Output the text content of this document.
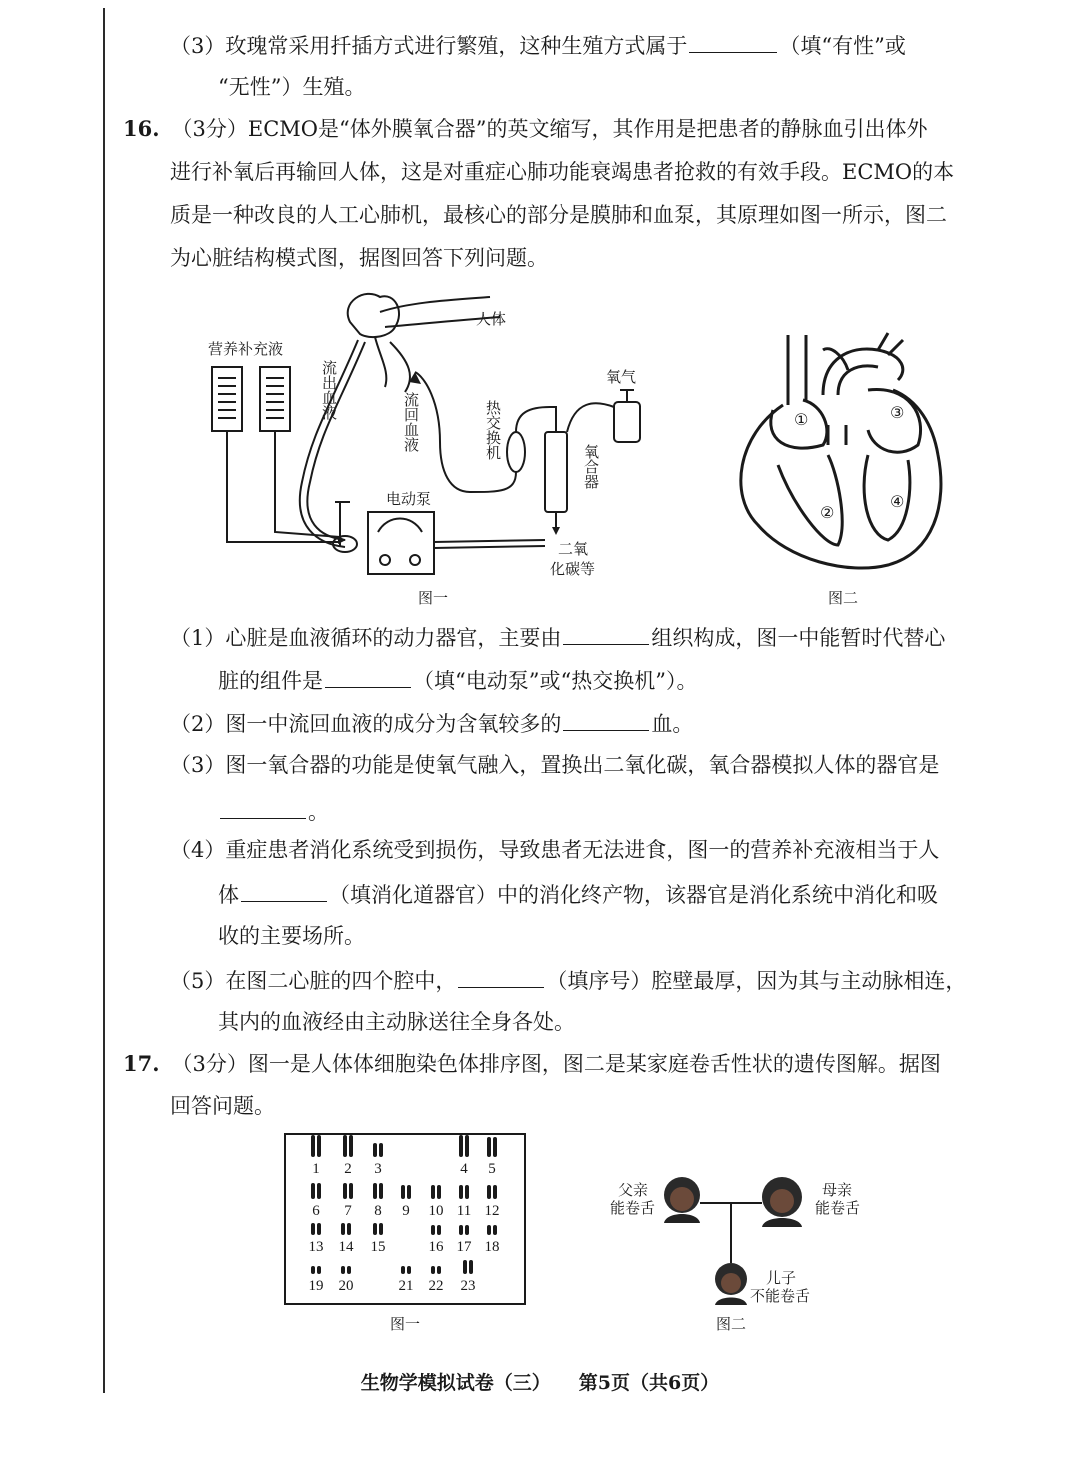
（3）玫瑰常采用扦插方式进行繁殖，这种生殖方式属于	（填“有性”或
“无性”）生殖。
16. （3分）ECMO是“体外膜氧合器”的英文缩写，其作用是把患者的静脉血引出体外
进行补氧后再输回人体，这是对重症心肺功能衰竭患者抢救的有效手段。ECMO的本
质是一种改良的人工心肺机，最核心的部分是膜肺和血泵，其原理如图一所示，图二
为心脏结构模式图，据图回答下列问题。
人体
营养补充液
氧气
电动泵
流出血液
流回血液	热交换机
氧合器
二氧
化碳等
图一
①	③
②
④
图二
（1）心脏是血液循环的动力器官，主要由	组织构成，图一中能暂时代替心
脏的组件是	（填“电动泵”或“热交换机”）。
（2）图一中流回血液的成分为含氧较多的	血。
（3）图一氧合器的功能是使氧气融入，置换出二氧化碳，氧合器模拟人体的器官是
。
（4）重症患者消化系统受到损伤，导致患者无法进食，图一的营养补充液相当于人
体	（填消化道器官）中的消化终产物，该器官是消化系统中消化和吸
收的主要场所。
（5）在图二心脏的四个腔中，	（填序号）腔壁最厚，因为其与主动脉相连，
其内的血液经由主动脉送往全身各处。
17. （3分）图一是人体体细胞染色体排序图，图二是某家庭卷舌性状的遗传图解。据图
回答问题。
1 2 3	4 5
6 7 8 9 10 11 12
13 14 15	16 17 18
19 20	21 22 23
图一
父亲
能卷舌
母亲
能卷舌
儿子
不能卷舌
图二
生物学模拟试卷（三） 第5页（共6页）
